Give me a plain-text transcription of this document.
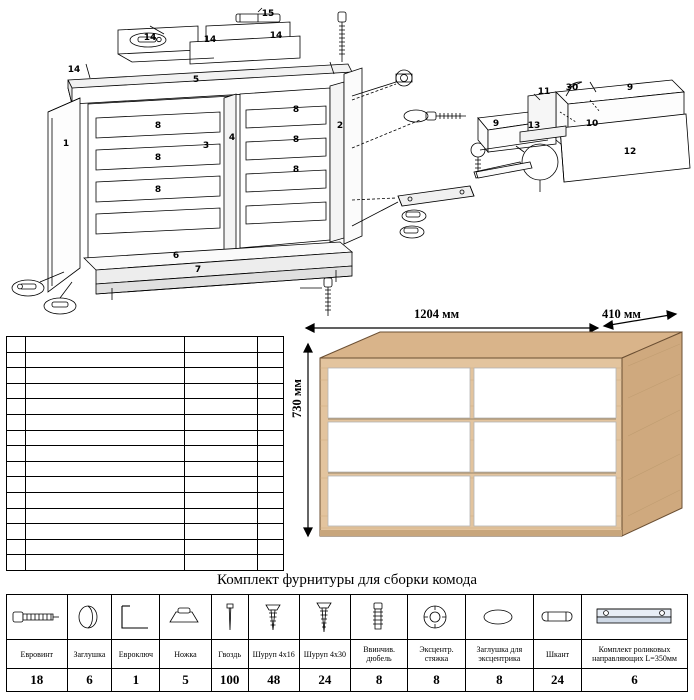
15
14	14	14
14
5
8
8
8
8
8
8
1	3
4
2
6
7
11 30	9
9	13	10
12

1204 мм	410 мм
730 мм
Комплект фурнитуры для сборки комода

Евровинт	Заглушка	Евроключ	Ножка	Гвоздь	Шуруп 4х16	Шуруп 4х30	Ввинчив. дюбель	Эксцентр. стяжка	Заглушка для эксцентрика	Шкант	Комплект роликовых направляющих L=350мм
18	6	1	5	100	48	24	8	8	8	24	6
